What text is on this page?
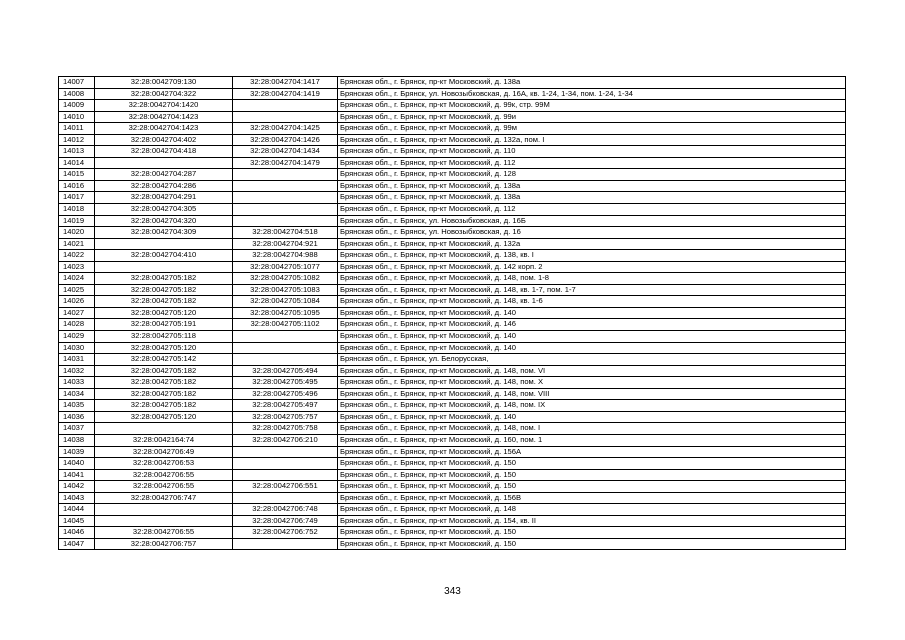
14007	32:28:0042709:130	32:28:0042704:1417	Брянская обл., г. Брянск, пр-кт Московский, д. 138а
14008	32:28:0042704:322	32:28:0042704:1419	Брянская обл., г. Брянск, ул. Новозыбковская, д. 16А, кв. 1-24, 1-34, пом. 1-24, 1-34
14009	32:28:0042704:1420		Брянская обл., г. Брянск, пр-кт Московский, д. 99к, стр. 99М
14010	32:28:0042704:1423		Брянская обл., г. Брянск, пр-кт Московский, д. 99и
14011	32:28:0042704:1423	32:28:0042704:1425	Брянская обл., г. Брянск, пр-кт Московский, д. 99м
14012	32:28:0042704:402	32:28:0042704:1426	Брянская обл., г. Брянск, пр-кт Московский, д. 132а, пом. I
14013	32:28:0042704:418	32:28:0042704:1434	Брянская обл., г. Брянск, пр-кт Московский, д. 110
14014		32:28:0042704:1479	Брянская обл., г. Брянск, пр-кт Московский, д. 112
14015	32:28:0042704:287		Брянская обл., г. Брянск, пр-кт Московский, д. 128
14016	32:28:0042704:286		Брянская обл., г. Брянск, пр-кт Московский, д. 138а
14017	32:28:0042704:291		Брянская обл., г. Брянск, пр-кт Московский, д. 138а
14018	32:28:0042704:305		Брянская обл., г. Брянск, пр-кт Московский, д. 112
14019	32:28:0042704:320		Брянская обл., г. Брянск, ул. Новозыбковская, д. 16Б
14020	32:28:0042704:309	32:28:0042704:518	Брянская обл., г. Брянск, ул. Новозыбковская, д. 16
14021		32:28:0042704:921	Брянская обл., г. Брянск, пр-кт Московский, д. 132а
14022	32:28:0042704:410	32:28:0042704:988	Брянская обл., г. Брянск, пр-кт Московский, д. 138, кв. I
14023		32:28:0042705:1077	Брянская обл., г. Брянск, пр-кт Московский, д. 142 корп. 2
14024	32:28:0042705:182	32:28:0042705:1082	Брянская обл., г. Брянск, пр-кт Московский, д. 148, пом. 1-8
14025	32:28:0042705:182	32:28:0042705:1083	Брянская обл., г. Брянск, пр-кт Московский, д. 148, кв. 1-7, пом. 1-7
14026	32:28:0042705:182	32:28:0042705:1084	Брянская обл., г. Брянск, пр-кт Московский, д. 148, кв. 1-6
14027	32:28:0042705:120	32:28:0042705:1095	Брянская обл., г. Брянск, пр-кт Московский, д. 140
14028	32:28:0042705:191	32:28:0042705:1102	Брянская обл., г. Брянск, пр-кт Московский, д. 146
14029	32:28:0042705:118		Брянская обл., г. Брянск, пр-кт Московский, д. 140
14030	32:28:0042705:120		Брянская обл., г. Брянск, пр-кт Московский, д. 140
14031	32:28:0042705:142		Брянская обл., г. Брянск, ул. Белорусская,
14032	32:28:0042705:182	32:28:0042705:494	Брянская обл., г. Брянск, пр-кт Московский, д. 148, пом. VI
14033	32:28:0042705:182	32:28:0042705:495	Брянская обл., г. Брянск, пр-кт Московский, д. 148, пом. X
14034	32:28:0042705:182	32:28:0042705:496	Брянская обл., г. Брянск, пр-кт Московский, д. 148, пом. VIII
14035	32:28:0042705:182	32:28:0042705:497	Брянская обл., г. Брянск, пр-кт Московский, д. 148, пом. IX
14036	32:28:0042705:120	32:28:0042705:757	Брянская обл., г. Брянск, пр-кт Московский, д. 140
14037		32:28:0042705:758	Брянская обл., г. Брянск, пр-кт Московский, д. 148, пом. I
14038	32:28:0042164:74	32:28:0042706:210	Брянская обл., г. Брянск, пр-кт Московский, д. 160, пом. 1
14039	32:28:0042706:49		Брянская обл., г. Брянск, пр-кт Московский, д. 156А
14040	32:28:0042706:53		Брянская обл., г. Брянск, пр-кт Московский, д. 150
14041	32:28:0042706:55		Брянская обл., г. Брянск, пр-кт Московский, д. 150
14042	32:28:0042706:55	32:28:0042706:551	Брянская обл., г. Брянск, пр-кт Московский, д. 150
14043	32:28:0042706:747		Брянская обл., г. Брянск, пр-кт Московский, д. 156В
14044		32:28:0042706:748	Брянская обл., г. Брянск, пр-кт Московский, д. 148
14045		32:28:0042706:749	Брянская обл., г. Брянск, пр-кт Московский, д. 154, кв. II
14046	32:28:0042706:55	32:28:0042706:752	Брянская обл., г. Брянск, пр-кт Московский, д. 150
14047	32:28:0042706:757		Брянская обл., г. Брянск, пр-кт Московский, д. 150
343
